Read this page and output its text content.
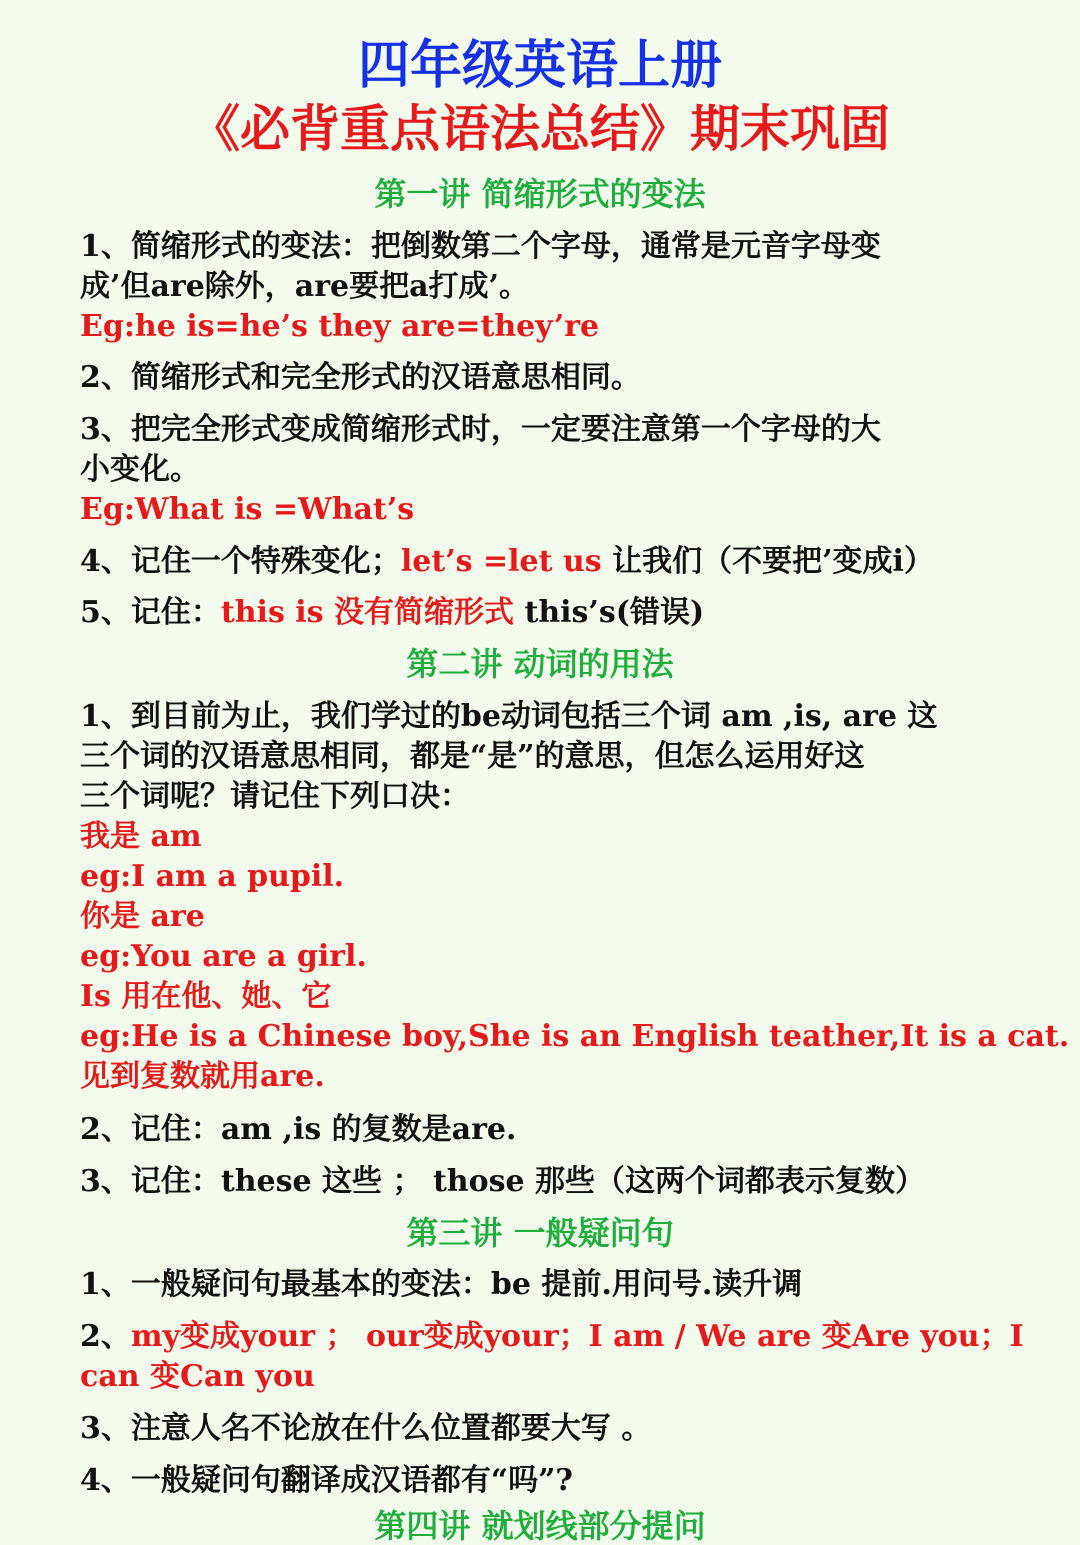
四年级英语上册
《必背重点语法总结》期末巩固
第一讲 简缩形式的变法
1、简缩形式的变法：把倒数第二个字母，通常是元音字母变
成’但are除外，are要把a打成’。
Eg:he is=he’s they are=they’re
2、简缩形式和完全形式的汉语意思相同。
3、把完全形式变成简缩形式时，一定要注意第一个字母的大
小变化。
Eg:What is =What’s
4、记住一个特殊变化；let’s =let us 让我们（不要把’变成i）
5、记住：this is 没有简缩形式 this’s(错误)
第二讲 动词的用法
1、到目前为止，我们学过的be动词包括三个词 am ,is, are 这
三个词的汉语意思相同，都是“是”的意思，但怎么运用好这
三个词呢？请记住下列口决：
我是 am
eg:I am a pupil.
你是 are
eg:You are a girl.
Is 用在他、她、它
eg:He is a Chinese boy,She is an English teather,It is a cat.
见到复数就用are.
2、记住：am ,is 的复数是are.
3、记住：these 这些 ； those 那些（这两个词都表示复数）
第三讲 一般疑问句
1、一般疑问句最基本的变法：be 提前.用问号.读升调
2、my变成your ； our变成your；I am / We are 变Are you；I
can 变Can you
3、注意人名不论放在什么位置都要大写 。
4、一般疑问句翻译成汉语都有“吗”?
第四讲 就划线部分提问
